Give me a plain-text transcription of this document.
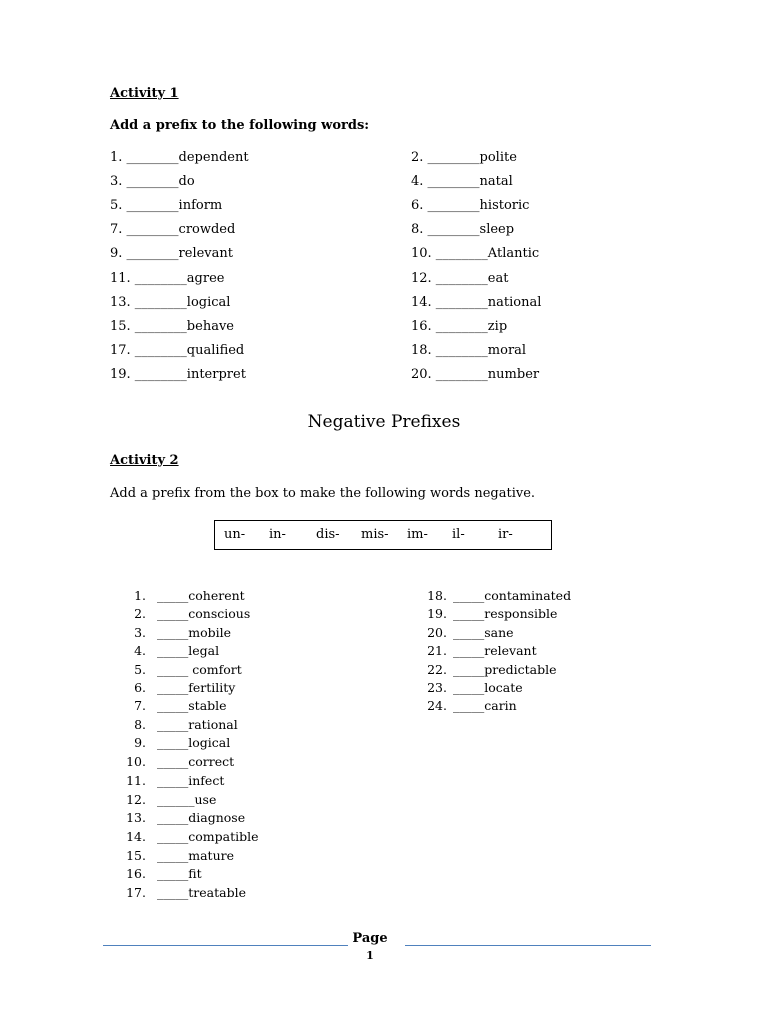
Activity 1
Add a prefix to the following words:
1. ________dependent
3. ________do
5. ________inform
7. ________crowded
9. ________relevant
11. ________agree
13. ________logical
15. ________behave
17. ________qualified
19. ________interpret
2. ________polite
4. ________natal
6. ________historic
8. ________sleep
10. ________Atlantic
12. ________eat
14. ________national
16. ________zip
18. ________moral
20. ________number
Negative Prefixes
Activity 2
Add a prefix from the box to make the following words negative.
un- in- dis- mis- im- il-	ir-
1. _____coherent
2. _____conscious
3. _____mobile
4. _____legal
5. _____ comfort
6. _____fertility
7. _____stable
8. _____rational
9. _____logical
10. _____correct
11. _____infect
12. ______use
13. _____diagnose
14. _____compatible
15. _____mature
16. _____fit
17. _____treatable
18. _____contaminated
19. _____responsible
20. _____sane
21. _____relevant
22. _____predictable
23. _____locate
24. _____carin
Page
1
